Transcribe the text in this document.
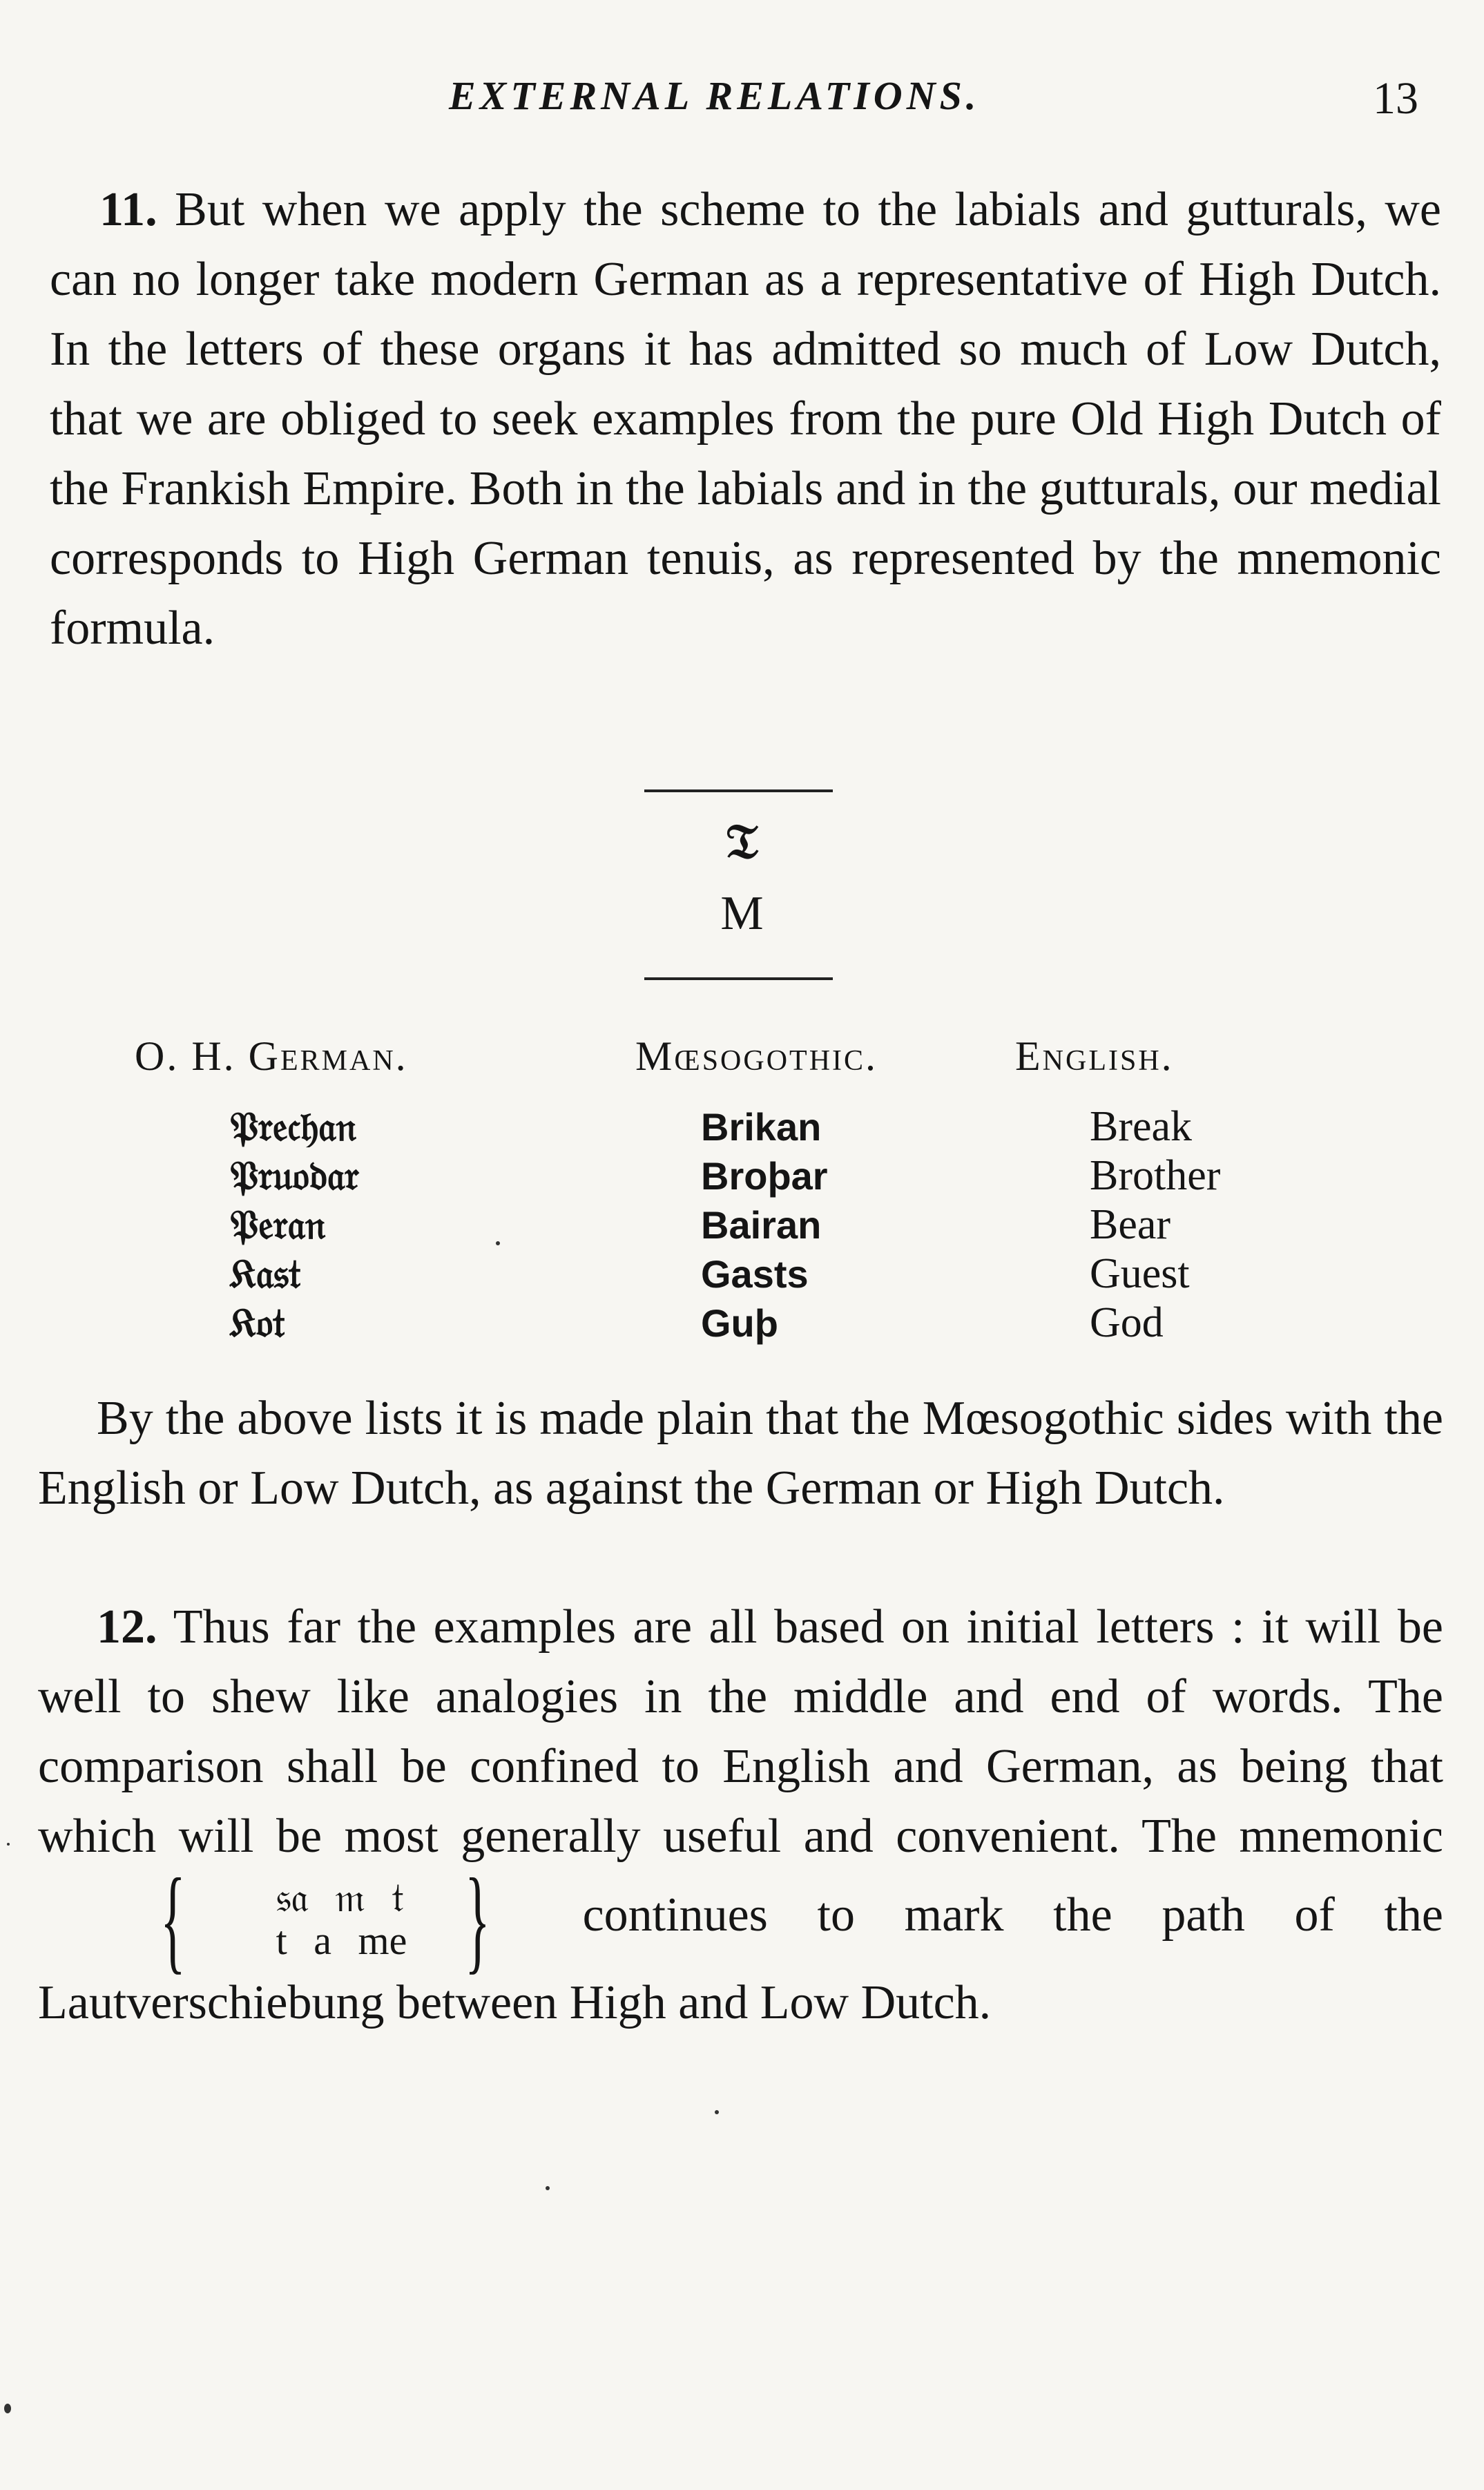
EXTERNAL RELATIONS.	13

11. But when we apply the scheme to the labials and gutturals, we can no longer take modern German as a representative of High Dutch. In the letters of these organs it has admitted so much of Low Dutch, that we are obliged to seek examples from the pure Old High Dutch of the Frankish Empire. Both in the labials and in the gutturals, our medial corresponds to High German tenuis, as represented by the mnemonic formula.

𝔗
M
O. H. German.	Mœsogothic.	English.
𝔓𝔯𝔢𝔠𝔥𝔞𝔫	Brikan	Break
𝔓𝔯𝔲𝔬𝔡𝔞𝔯	Broþar	Brother
𝔓𝔢𝔯𝔞𝔫	Bairan	Bear
𝔎𝔞𝔰𝔱	Gasts	Guest
𝔎𝔬𝔱	Guþ	God

By the above lists it is made plain that the Mœsogothic sides with the English or Low Dutch, as against the German or High Dutch.

12. Thus far the examples are all based on initial letters : it will be well to shew like analogies in the middle and end of words. The comparison shall be confined to English and German, as being that which will be most generally useful and convenient. The mnemonic {	𝔰𝔞 𝔪 𝔱
t a me } continues to mark the path of the Lautverschiebung between High and Low Dutch.
